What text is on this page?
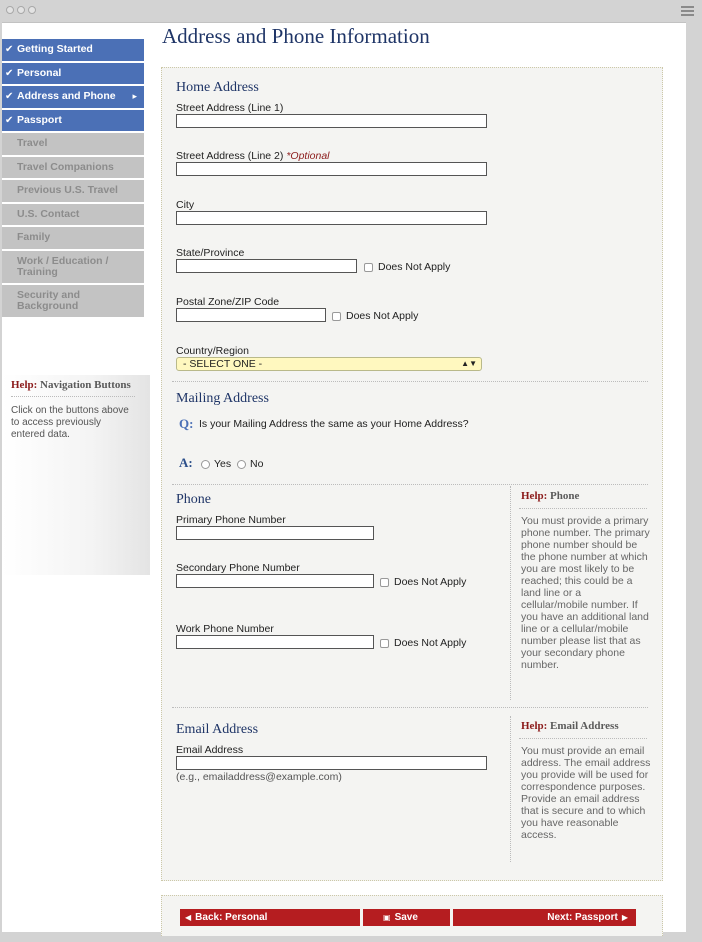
✔ Getting Started
✔ Personal
✔ Address and Phone ▸
✔ Passport
Travel
Travel Companions
Previous U.S. Travel
U.S. Contact
Family
Work / Education / Training
Security and Background
Help: Navigation Buttons
Click on the buttons above to access previously entered data.
Address and Phone Information
Home Address
Street Address (Line 1)
Street Address (Line 2) *Optional
City
State/Province
Does Not Apply
Postal Zone/ZIP Code
Does Not Apply
Country/Region
- SELECT ONE -	▲▼
Mailing Address
Q: Is your Mailing Address the same as your Home Address?
A: Yes No
Phone
Primary Phone Number
Secondary Phone Number
Does Not Apply
Work Phone Number
Does Not Apply
Help: Phone
You must provide a primary phone number. The primary phone number should be the phone number at which you are most likely to be reached; this could be a land line or a cellular/mobile number. If you have an additional land line or a cellular/mobile number please list that as your secondary phone number.
Email Address
Email Address
(e.g., emailaddress@example.com)
Help: Email Address
You must provide an email address. The email address you provide will be used for correspondence purposes. Provide an email address that is secure and to which you have reasonable access.
◀ Back: Personal	▣ Save	Next: Passport ▶
